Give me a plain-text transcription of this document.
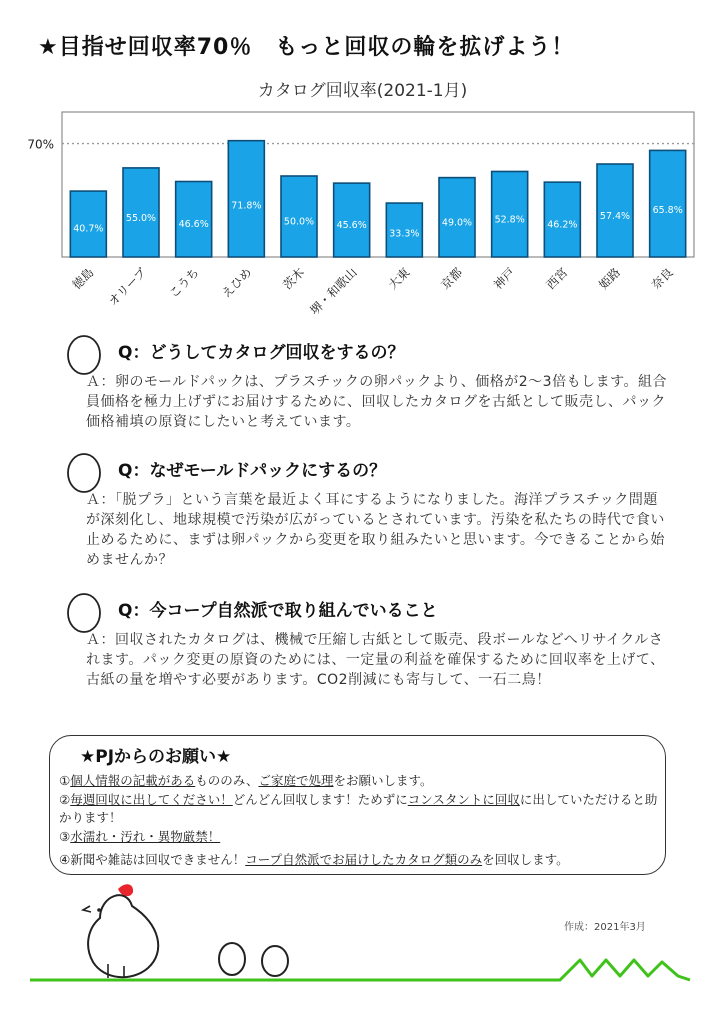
★目指せ回収率70％　もっと回収の輪を拡げよう！
カタログ回収率(2021-1月)
70%
40.7%
徳島
55.0%
オリーブ
46.6%
こうち
71.8%
えひめ
50.0%
茨木
45.6%
堺・和歌山
33.3%
大東
49.0%
京都
52.8%
神戸
46.2%
西宮
57.4%
姫路
65.8%
奈良
Q：どうしてカタログ回収をするの？
Ａ：卵のモールドパックは、プラスチックの卵パックより、価格が2〜3倍もします。組合員価格を極力上げずにお届けするために、回収したカタログを古紙として販売し、パック価格補填の原資にしたいと考えています。
Q：なぜモールドパックにするの？
Ａ：「脱プラ」という言葉を最近よく耳にするようになりました。海洋プラスチック問題が深刻化し、地球規模で汚染が広がっているとされています。汚染を私たちの時代で食い止めるために、まずは卵パックから変更を取り組みたいと思います。今できることから始めませんか？
Q：今コープ自然派で取り組んでいること
Ａ：回収されたカタログは、機械で圧縮し古紙として販売、段ボールなどへリサイクルされます。パック変更の原資のためには、一定量の利益を確保するために回収率を上げて、古紙の量を増やす必要があります。CO2削減にも寄与して、一石二鳥！
★PJからのお願い★
①個人情報の記載があるもののみ、ご家庭で処理をお願いします。
②毎週回収に出してください！どんどん回収します！ためずにコンスタントに回収に出していただけると助かります！
③水濡れ・汚れ・異物厳禁！
④新聞や雑誌は回収できません！コープ自然派でお届けしたカタログ類のみを回収します。
作成：2021年3月
